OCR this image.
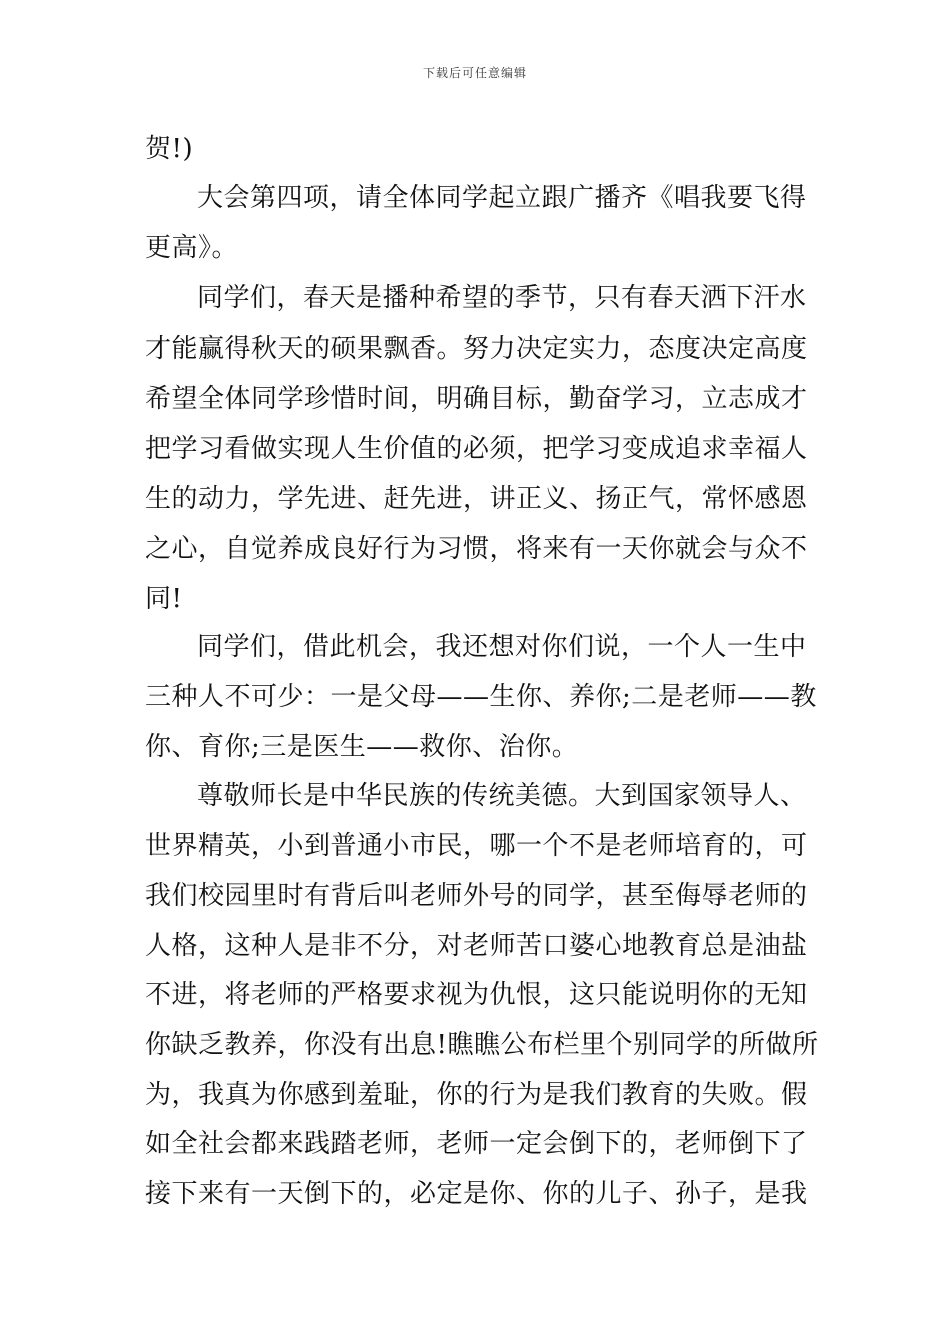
下载后可任意编辑
贺!)
大会第四项，请全体同学起立跟广播齐《唱我要飞得
更高》。
同学们，春天是播种希望的季节，只有春天洒下汗水
才能赢得秋天的硕果飘香。努力决定实力，态度决定高度
希望全体同学珍惜时间，明确目标，勤奋学习，立志成才
把学习看做实现人生价值的必须，把学习变成追求幸福人
生的动力，学先进、赶先进，讲正义、扬正气，常怀感恩
之心，自觉养成良好行为习惯，将来有一天你就会与众不
同!
同学们，借此机会，我还想对你们说，一个人一生中
三种人不可少：一是父母——生你、养你;二是老师——教
你、育你;三是医生——救你、治你。
尊敬师长是中华民族的传统美德。大到国家领导人、
世界精英，小到普通小市民，哪一个不是老师培育的，可
我们校园里时有背后叫老师外号的同学，甚至侮辱老师的
人格，这种人是非不分，对老师苦口婆心地教育总是油盐
不进，将老师的严格要求视为仇恨，这只能说明你的无知
你缺乏教养，你没有出息!瞧瞧公布栏里个别同学的所做所
为，我真为你感到羞耻，你的行为是我们教育的失败。假
如全社会都来践踏老师，老师一定会倒下的，老师倒下了
接下来有一天倒下的，必定是你、你的儿子、孙子，是我
